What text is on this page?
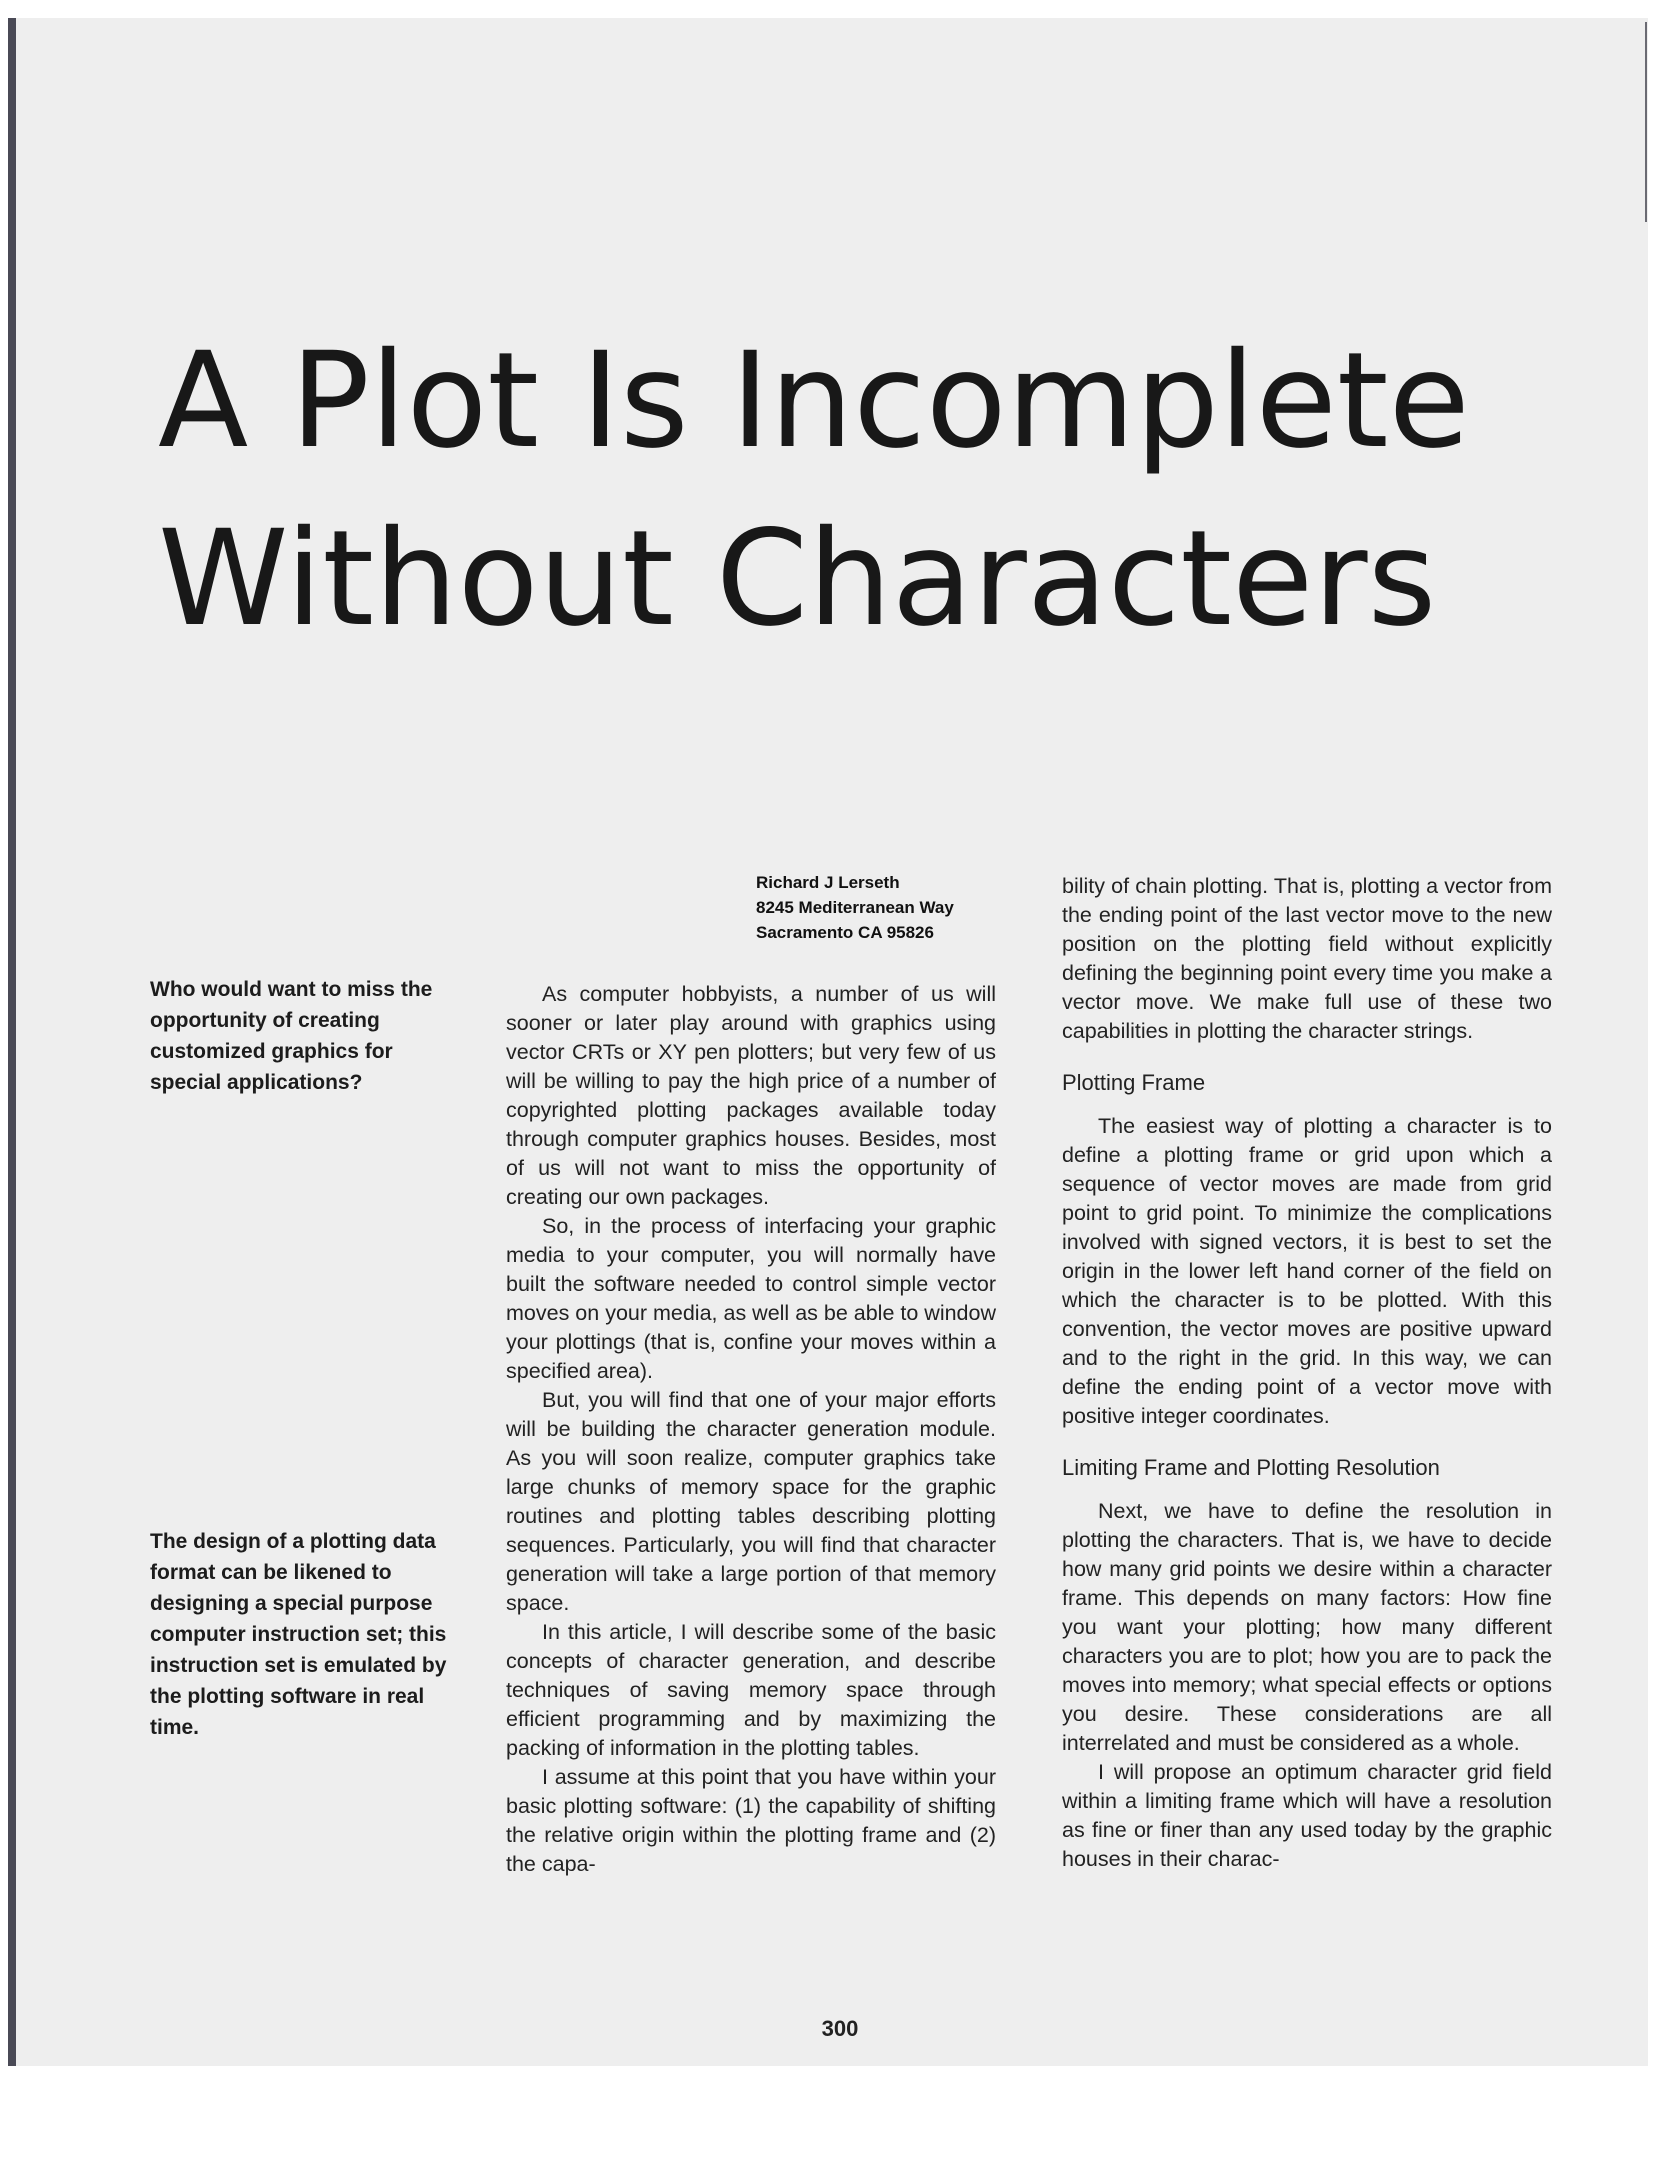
A Plot Is Incomplete
Without Characters
Who would want to miss the opportunity of creating customized graphics for special applications?
The design of a plotting data format can be likened to designing a special purpose computer instruction set; this instruction set is emulated by the plotting software in real time.
Richard J Lerseth
8245 Mediterranean Way
Sacramento CA 95826

As computer hobbyists, a number of us will sooner or later play around with graphics using vector CRTs or XY pen plotters; but very few of us will be willing to pay the high price of a number of copyrighted plotting packages available today through computer graphics houses. Besides, most of us will not want to miss the opportunity of creating our own packages.

So, in the process of interfacing your graphic media to your computer, you will normally have built the software needed to control simple vector moves on your media, as well as be able to window your plottings (that is, confine your moves within a specified area).

But, you will find that one of your major efforts will be building the character generation module. As you will soon realize, computer graphics take large chunks of memory space for the graphic routines and plotting tables describing plotting sequences. Particularly, you will find that character generation will take a large portion of that memory space.

In this article, I will describe some of the basic concepts of character generation, and describe techniques of saving memory space through efficient programming and by maximizing the packing of information in the plotting tables.

I assume at this point that you have within your basic plotting software: (1) the capability of shifting the relative origin within the plotting frame and (2) the capa-

bility of chain plotting. That is, plotting a vector from the ending point of the last vector move to the new position on the plotting field without explicitly defining the beginning point every time you make a vector move. We make full use of these two capabilities in plotting the character strings.

Plotting Frame

The easiest way of plotting a character is to define a plotting frame or grid upon which a sequence of vector moves are made from grid point to grid point. To minimize the complications involved with signed vectors, it is best to set the origin in the lower left hand corner of the field on which the character is to be plotted. With this convention, the vector moves are positive upward and to the right in the grid. In this way, we can define the ending point of a vector move with positive integer coordinates.

Limiting Frame and Plotting Resolution

Next, we have to define the resolution in plotting the characters. That is, we have to decide how many grid points we desire within a character frame. This depends on many factors: How fine you want your plotting; how many different characters you are to plot; how you are to pack the moves into memory; what special effects or options you desire. These considerations are all interrelated and must be considered as a whole.

I will propose an optimum character grid field within a limiting frame which will have a resolution as fine or finer than any used today by the graphic houses in their charac-

300
